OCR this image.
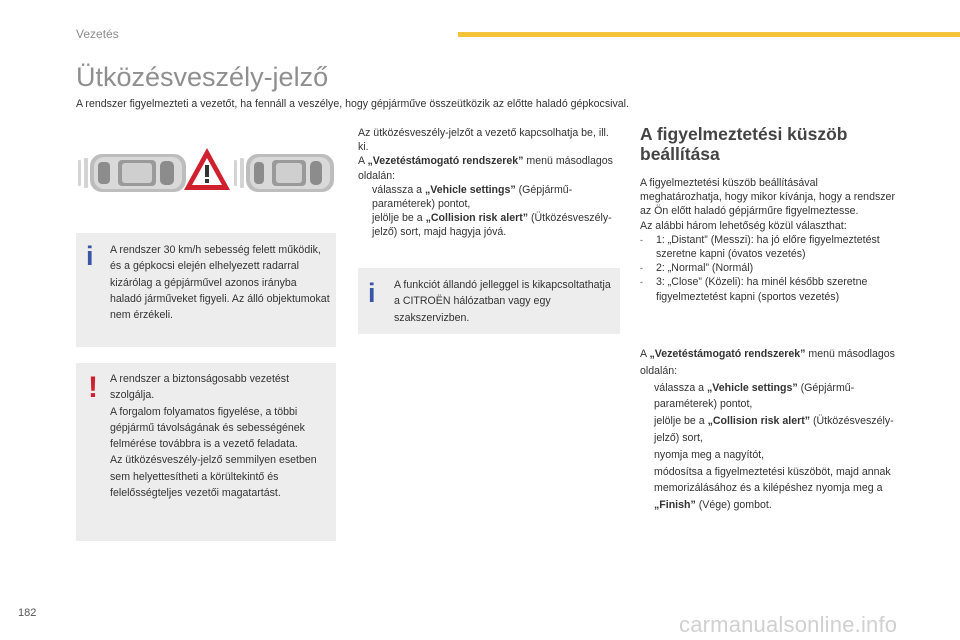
Vezetés
Ütközésveszély-jelző
A rendszer figyelmezteti a vezetőt, ha fennáll a veszélye, hogy gépjárműve összeütközik az előtte haladó gépkocsival.
i A rendszer 30 km/h sebesség felett működik, és a gépkocsi elején elhelyezett radarral kizárólag a gépjárművel azonos irányba haladó járműveket figyeli. Az álló objektumokat nem érzékeli.
! A rendszer a biztonságosabb vezetést szolgálja.
A forgalom folyamatos figyelése, a többi gépjármű távolságának és sebességének felmérése továbbra is a vezető feladata.
Az ütközésveszély-jelző semmilyen esetben sem helyettesítheti a körültekintő és felelősségteljes vezetői magatartást.

Az ütközésveszély-jelzőt a vezető kapcsolhatja be, ill. ki.

A „Vezetéstámogató rendszerek” menü másodlagos oldalán:

válassza a „Vehicle settings” (Gépjármű-paraméterek) pontot,
jelölje be a „Collision risk alert” (Ütközésveszély-jelző) sort, majd hagyja jóvá.
i A funkciót állandó jelleggel is kikapcsoltathatja a CITROËN hálózatban vagy egy szakszervizben.
A figyelmeztetési küszöb beállítása

A figyelmeztetési küszöb beállításával meghatározhatja, hogy mikor kívánja, hogy a rendszer az Ön előtt haladó gépjárműre figyelmeztesse.

Az alábbi három lehetőség közül választhat:

-	1: „Distant” (Messzi): ha jó előre figyelmeztetést szeretne kapni (óvatos vezetés)
-	2: „Normal” (Normál)
-	3: „Close” (Közeli): ha minél később szeretne figyelmeztetést kapni (sportos vezetés)

A „Vezetéstámogató rendszerek” menü másodlagos oldalán:

válassza a „Vehicle settings” (Gépjármű-paraméterek) pontot,
jelölje be a „Collision risk alert” (Ütközésveszély-jelző) sort,
nyomja meg a nagyítót,
módosítsa a figyelmeztetési küszöböt, majd annak memorizálásához és a kilépéshez nyomja meg a „Finish” (Vége) gombot.
182	carmanualsonline.info
